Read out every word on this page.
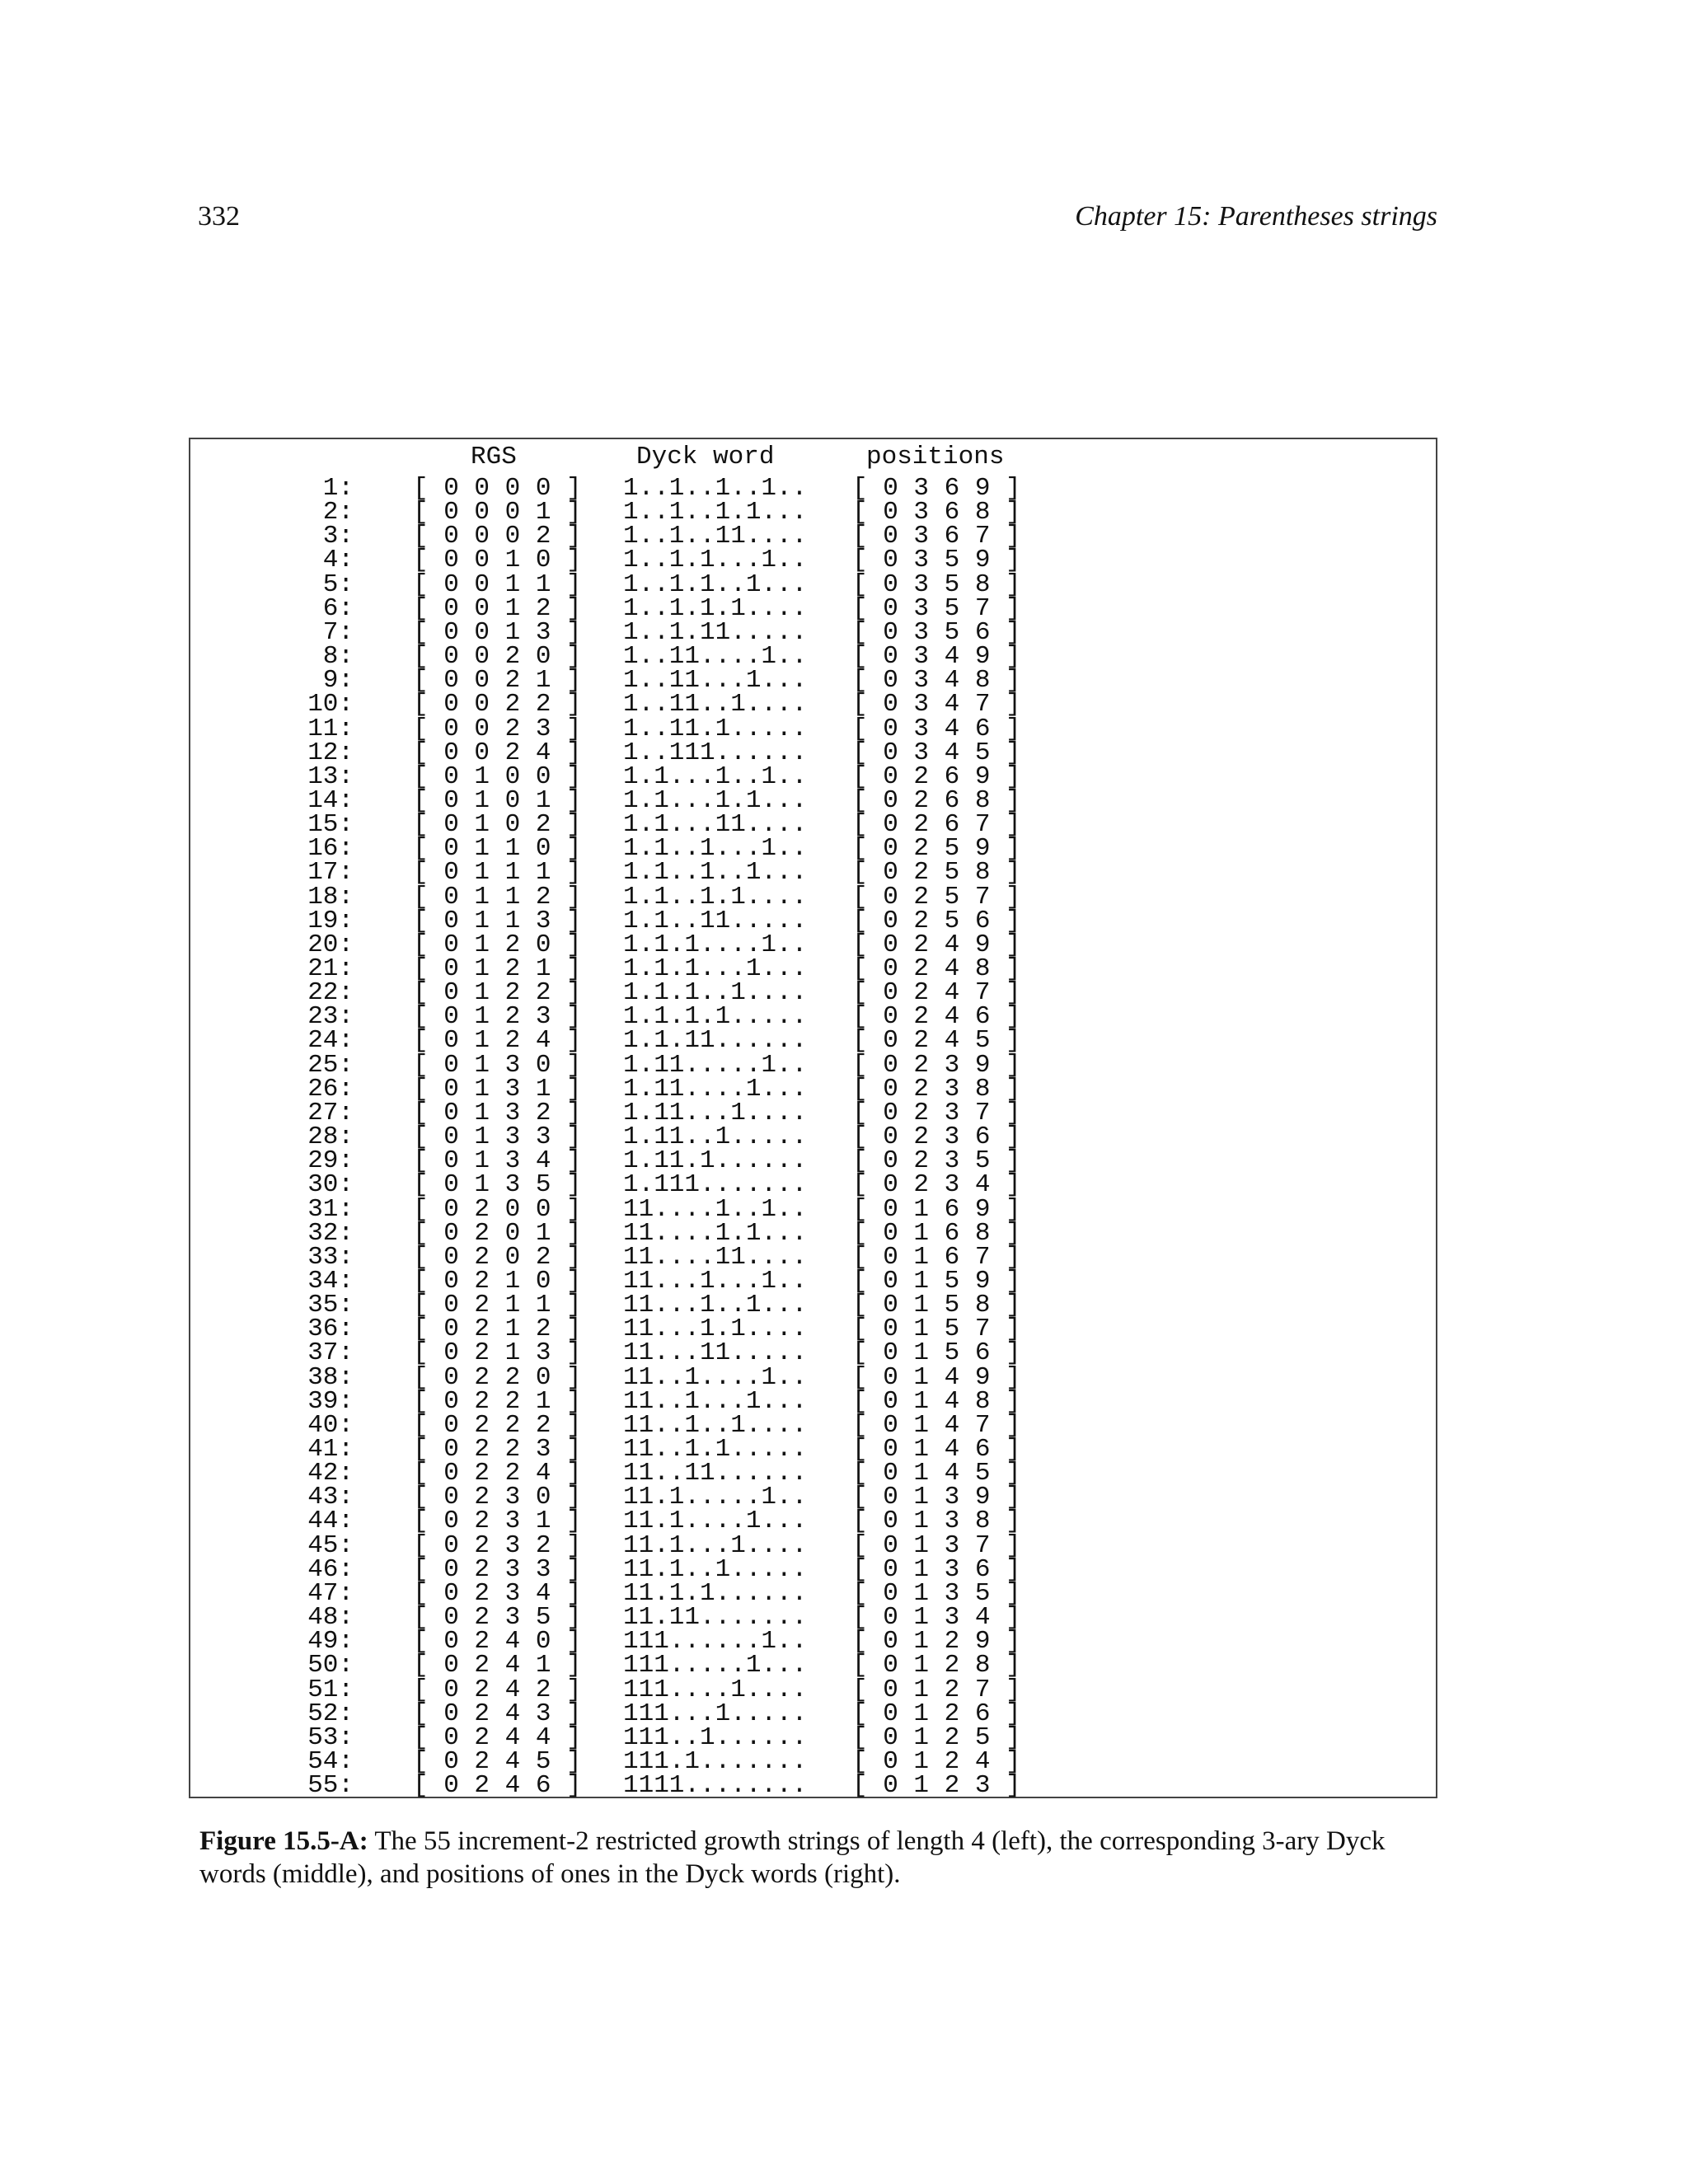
332	Chapter 15: Parentheses strings
RGS	Dyck word	positions
1: [ 0 0 0 0 ] 1..1..1..1.. [ 0 3 6 9 ]
2: [ 0 0 0 1 ] 1..1..1.1... [ 0 3 6 8 ]
3: [ 0 0 0 2 ] 1..1..11.... [ 0 3 6 7 ]
4: [ 0 0 1 0 ] 1..1.1...1.. [ 0 3 5 9 ]
5: [ 0 0 1 1 ] 1..1.1..1... [ 0 3 5 8 ]
6: [ 0 0 1 2 ] 1..1.1.1.... [ 0 3 5 7 ]
7: [ 0 0 1 3 ] 1..1.11..... [ 0 3 5 6 ]
8: [ 0 0 2 0 ] 1..11....1.. [ 0 3 4 9 ]
9: [ 0 0 2 1 ] 1..11...1... [ 0 3 4 8 ]
10: [ 0 0 2 2 ] 1..11..1.... [ 0 3 4 7 ]
11: [ 0 0 2 3 ] 1..11.1..... [ 0 3 4 6 ]
12: [ 0 0 2 4 ] 1..111...... [ 0 3 4 5 ]
13: [ 0 1 0 0 ] 1.1...1..1.. [ 0 2 6 9 ]
14: [ 0 1 0 1 ] 1.1...1.1... [ 0 2 6 8 ]
15: [ 0 1 0 2 ] 1.1...11.... [ 0 2 6 7 ]
16: [ 0 1 1 0 ] 1.1..1...1.. [ 0 2 5 9 ]
17: [ 0 1 1 1 ] 1.1..1..1... [ 0 2 5 8 ]
18: [ 0 1 1 2 ] 1.1..1.1.... [ 0 2 5 7 ]
19: [ 0 1 1 3 ] 1.1..11..... [ 0 2 5 6 ]
20: [ 0 1 2 0 ] 1.1.1....1.. [ 0 2 4 9 ]
21: [ 0 1 2 1 ] 1.1.1...1... [ 0 2 4 8 ]
22: [ 0 1 2 2 ] 1.1.1..1.... [ 0 2 4 7 ]
23: [ 0 1 2 3 ] 1.1.1.1..... [ 0 2 4 6 ]
24: [ 0 1 2 4 ] 1.1.11...... [ 0 2 4 5 ]
25: [ 0 1 3 0 ] 1.11.....1.. [ 0 2 3 9 ]
26: [ 0 1 3 1 ] 1.11....1... [ 0 2 3 8 ]
27: [ 0 1 3 2 ] 1.11...1.... [ 0 2 3 7 ]
28: [ 0 1 3 3 ] 1.11..1..... [ 0 2 3 6 ]
29: [ 0 1 3 4 ] 1.11.1...... [ 0 2 3 5 ]
30: [ 0 1 3 5 ] 1.111....... [ 0 2 3 4 ]
31: [ 0 2 0 0 ] 11....1..1.. [ 0 1 6 9 ]
32: [ 0 2 0 1 ] 11....1.1... [ 0 1 6 8 ]
33: [ 0 2 0 2 ] 11....11.... [ 0 1 6 7 ]
34: [ 0 2 1 0 ] 11...1...1.. [ 0 1 5 9 ]
35: [ 0 2 1 1 ] 11...1..1... [ 0 1 5 8 ]
36: [ 0 2 1 2 ] 11...1.1.... [ 0 1 5 7 ]
37: [ 0 2 1 3 ] 11...11..... [ 0 1 5 6 ]
38: [ 0 2 2 0 ] 11..1....1.. [ 0 1 4 9 ]
39: [ 0 2 2 1 ] 11..1...1... [ 0 1 4 8 ]
40: [ 0 2 2 2 ] 11..1..1.... [ 0 1 4 7 ]
41: [ 0 2 2 3 ] 11..1.1..... [ 0 1 4 6 ]
42: [ 0 2 2 4 ] 11..11...... [ 0 1 4 5 ]
43: [ 0 2 3 0 ] 11.1.....1.. [ 0 1 3 9 ]
44: [ 0 2 3 1 ] 11.1....1... [ 0 1 3 8 ]
45: [ 0 2 3 2 ] 11.1...1.... [ 0 1 3 7 ]
46: [ 0 2 3 3 ] 11.1..1..... [ 0 1 3 6 ]
47: [ 0 2 3 4 ] 11.1.1...... [ 0 1 3 5 ]
48: [ 0 2 3 5 ] 11.11....... [ 0 1 3 4 ]
49: [ 0 2 4 0 ] 111......1.. [ 0 1 2 9 ]
50: [ 0 2 4 1 ] 111.....1... [ 0 1 2 8 ]
51: [ 0 2 4 2 ] 111....1.... [ 0 1 2 7 ]
52: [ 0 2 4 3 ] 111...1..... [ 0 1 2 6 ]
53: [ 0 2 4 4 ] 111..1...... [ 0 1 2 5 ]
54: [ 0 2 4 5 ] 111.1....... [ 0 1 2 4 ]
55: [ 0 2 4 6 ] 1111........ [ 0 1 2 3 ]
Figure 15.5-A: The 55 increment-2 restricted growth strings of length 4 (left), the corresponding 3-ary Dyck words (middle), and positions of ones in the Dyck words (right).
